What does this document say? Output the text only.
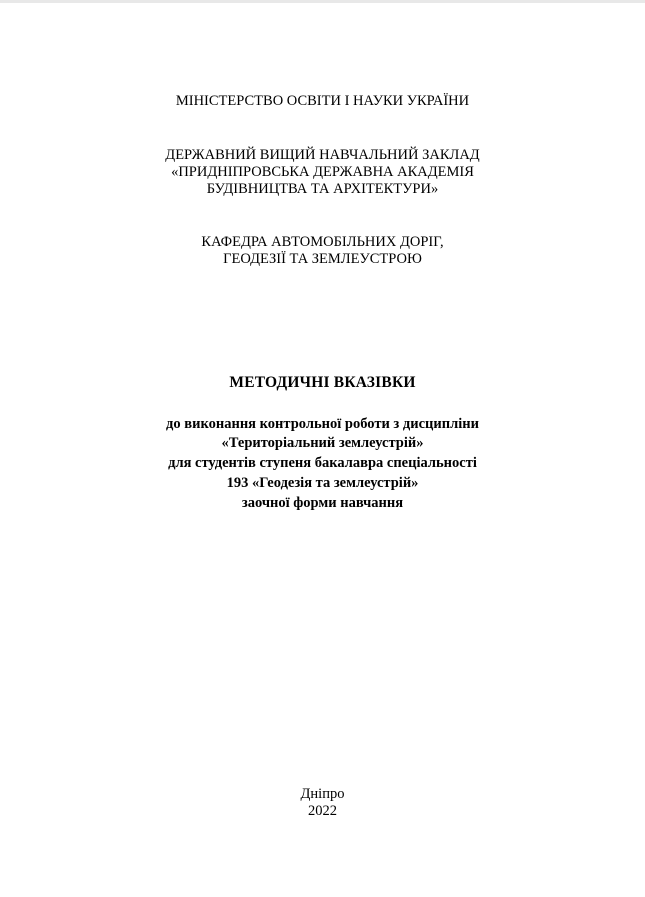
МІНІСТЕРСТВО ОСВІТИ І НАУКИ УКРАЇНИ
ДЕРЖАВНИЙ ВИЩИЙ НАВЧАЛЬНИЙ ЗАКЛАД
«ПРИДНІПРОВСЬКА ДЕРЖАВНА АКАДЕМІЯ
БУДІВНИЦТВА ТА АРХІТЕКТУРИ»
КАФЕДРА АВТОМОБІЛЬНИХ ДОРІГ,
ГЕОДЕЗІЇ ТА ЗЕМЛЕУСТРОЮ
МЕТОДИЧНІ ВКАЗІВКИ
до виконання контрольної роботи з дисципліни
«Територіальний землеустрій»
для студентів ступеня бакалавра спеціальності
193 «Геодезія та землеустрій»
заочної форми навчання
Дніпро
2022
